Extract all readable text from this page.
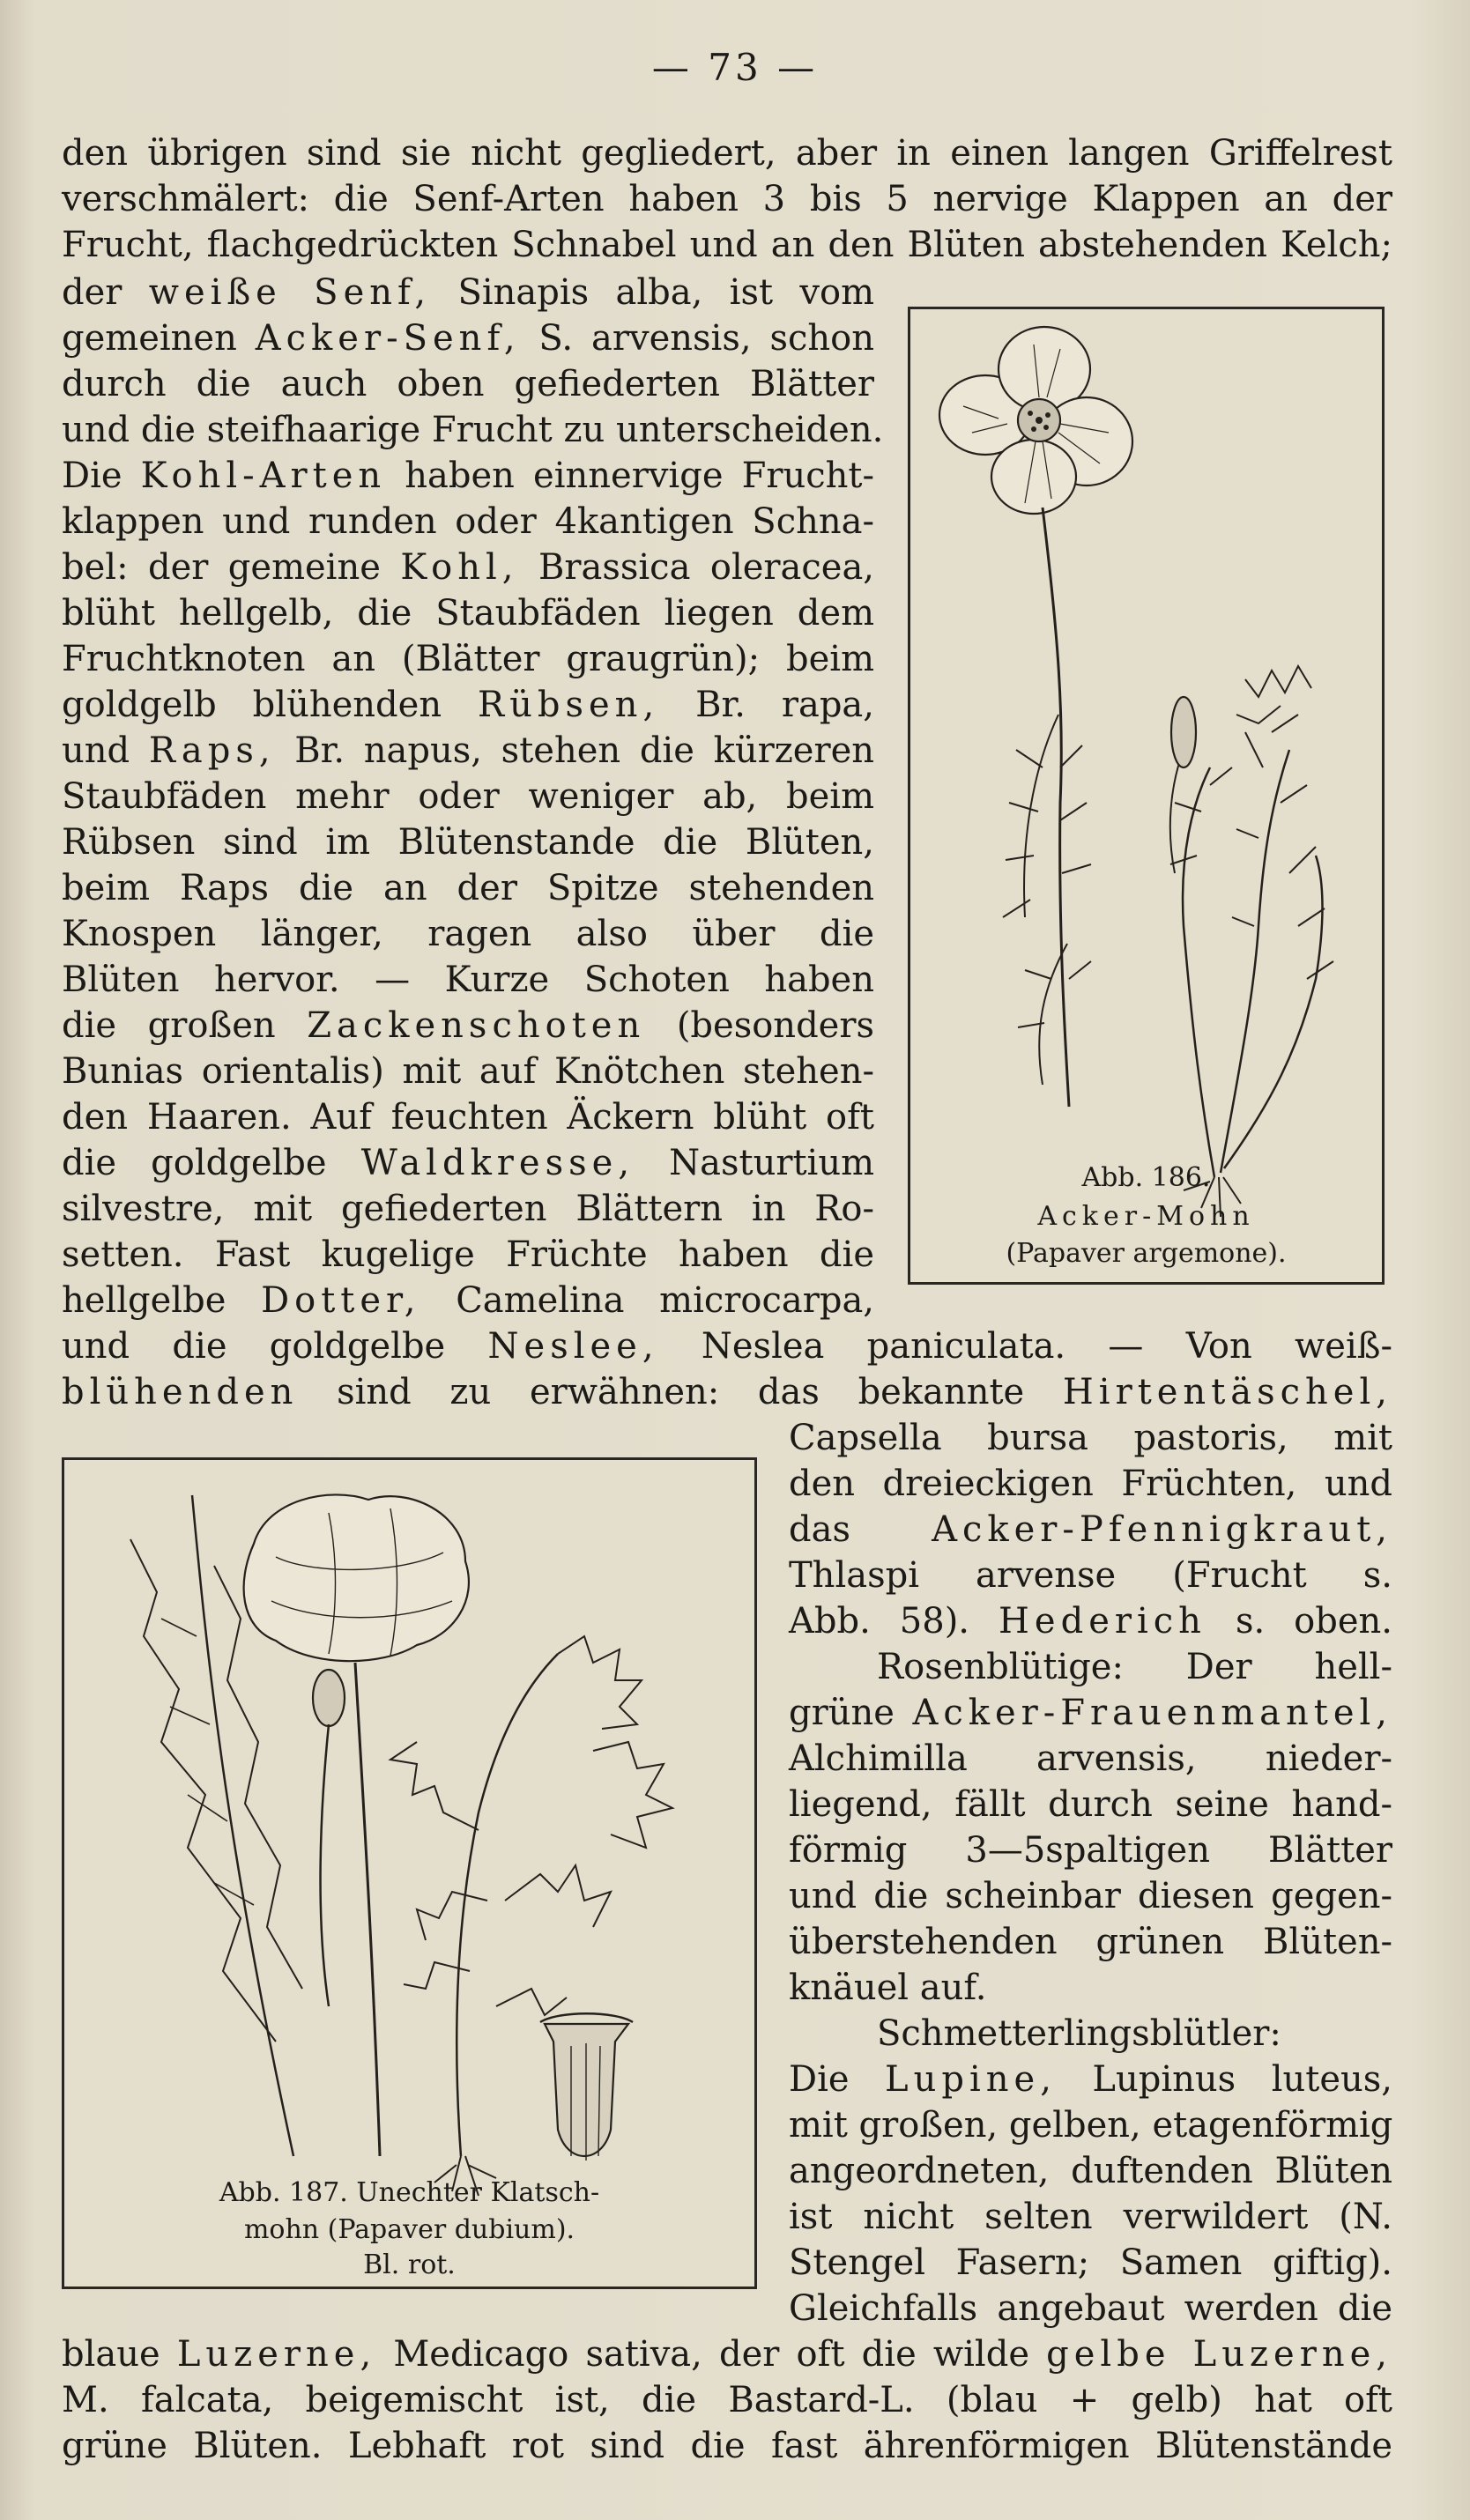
— 73 —
den übrigen sind sie nicht gegliedert, aber in einen langen Griffelrest
verschmälert: die Senf-Arten haben 3 bis 5 nervige Klappen an der
Frucht, flachgedrückten Schnabel und an den Blüten abstehenden Kelch;
der weiße Senf, Sinapis alba, ist vom
gemeinen Acker-Senf, S. arvensis, schon
durch die auch oben gefiederten Blätter
und die steifhaarige Frucht zu unterscheiden.
Die Kohl-Arten haben einnervige Frucht-
klappen und runden oder 4kantigen Schna-
bel: der gemeine Kohl, Brassica oleracea,
blüht hellgelb, die Staubfäden liegen dem
Fruchtknoten an (Blätter graugrün); beim
goldgelb blühenden Rübsen, Br. rapa,
und Raps, Br. napus, stehen die kürzeren
Staubfäden mehr oder weniger ab, beim
Rübsen sind im Blütenstande die Blüten,
beim Raps die an der Spitze stehenden
Knospen länger, ragen also über die
Blüten hervor. — Kurze Schoten haben
die großen Zackenschoten (besonders
Bunias orientalis) mit auf Knötchen stehen-
den Haaren. Auf feuchten Äckern blüht oft
die goldgelbe Waldkresse, Nasturtium
silvestre, mit gefiederten Blättern in Ro-
setten. Fast kugelige Früchte haben die
hellgelbe Dotter, Camelina microcarpa,
und die goldgelbe Neslee, Neslea paniculata. — Von weiß-
blühenden sind zu erwähnen: das bekannte Hirtentäschel,
Capsella bursa pastoris, mit
den dreieckigen Früchten, und
das Acker-Pfennigkraut,
Thlaspi arvense (Frucht s.
Abb. 58). Hederich s. oben.
Rosenblütige: Der hell-
grüne Acker-Frauenmantel,
Alchimilla arvensis, nieder-
liegend, fällt durch seine hand-
förmig 3—5spaltigen Blätter
und die scheinbar diesen gegen-
überstehenden grünen Blüten-
knäuel auf.
Schmetterlingsblütler:
Die Lupine, Lupinus luteus,
mit großen, gelben, etagenförmig
angeordneten, duftenden Blüten
ist nicht selten verwildert (N.
Stengel Fasern; Samen giftig).
Gleichfalls angebaut werden die
blaue Luzerne, Medicago sativa, der oft die wilde gelbe Luzerne,
M. falcata, beigemischt ist, die Bastard-L. (blau + gelb) hat oft
grüne Blüten. Lebhaft rot sind die fast ährenförmigen Blütenstände
Abb. 186.
Acker-Mohn
(Papaver argemone).
Abb. 187. Unechter Klatsch-
mohn (Papaver dubium).
Bl. rot.
